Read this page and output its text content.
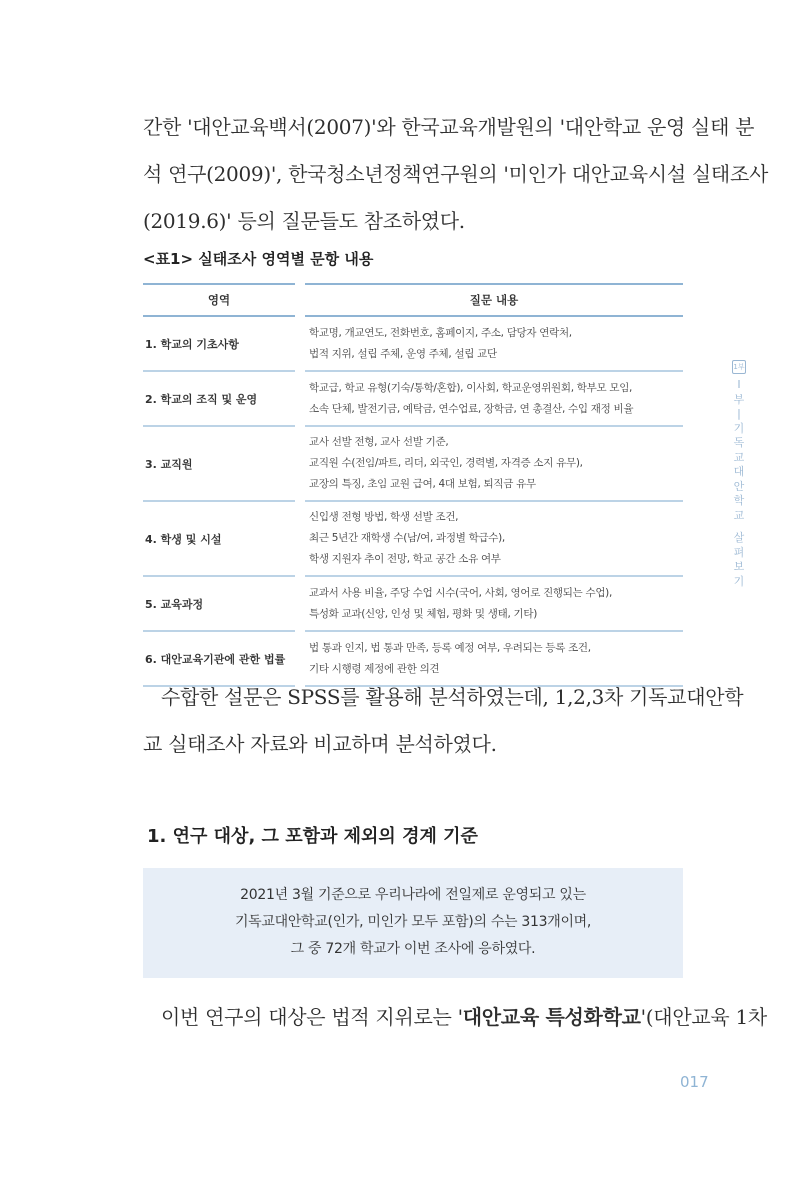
간한 '대안교육백서(2007)'와 한국교육개발원의 '대안학교 운영 실태 분
석 연구(2009)', 한국청소년정책연구원의 '미인가 대안교육시설 실태조사
(2019.6)' 등의 질문들도 참조하였다.
<표1> 실태조사 영역별 문항 내용
영역		질문 내용
1. 학교의 기초사항		학교명, 개교연도, 전화번호, 홈페이지, 주소, 담당자 연락처,
법적 지위, 설립 주체, 운영 주체, 설립 교단

2. 학교의 조직 및 운영		학교급, 학교 유형(기숙/통학/혼합), 이사회, 학교운영위원회, 학부모 모임,
소속 단체, 발전기금, 예탁금, 연수업료, 장학금, 연 총결산, 수입 재정 비율

3. 교직원		교사 선발 전형, 교사 선발 기준,
교직원 수(전임/파트, 리더, 외국인, 경력별, 자격증 소지 유무),
교장의 특징, 초임 교원 급여, 4대 보험, 퇴직금 유무

4. 학생 및 시설		신입생 전형 방법, 학생 선발 조건,
최근 5년간 재학생 수(남/여, 과정별 학급수),
학생 지원자 추이 전망, 학교 공간 소유 여부

5. 교육과정		교과서 사용 비율, 주당 수업 시수(국어, 사회, 영어로 진행되는 수업),
특성화 교과(신앙, 인성 및 체험, 평화 및 생태, 기타)

6. 대안교육기관에 관한 법률		법 통과 인지, 법 통과 만족, 등록 예정 여부, 우려되는 등록 조건,
기타 시행령 제정에 관한 의견
수합한 설문은 SPSS를 활용해 분석하였는데, 1,2,3차 기독교대안학
교 실태조사 자료와 비교하며 분석하였다.
1. 연구 대상, 그 포함과 제외의 경계 기준
2021년 3월 기준으로 우리나라에 전일제로 운영되고 있는
기독교대안학교(인가, 미인가 모두 포함)의 수는 313개이며,
그 중 72개 학교가 이번 조사에 응하였다.
이번 연구의 대상은 법적 지위로는 '대안교육 특성화학교'(대안교육 1차
1부
Ⅰ
부
|
기
독
교
대
안
학
교
살
펴
보
기
017
